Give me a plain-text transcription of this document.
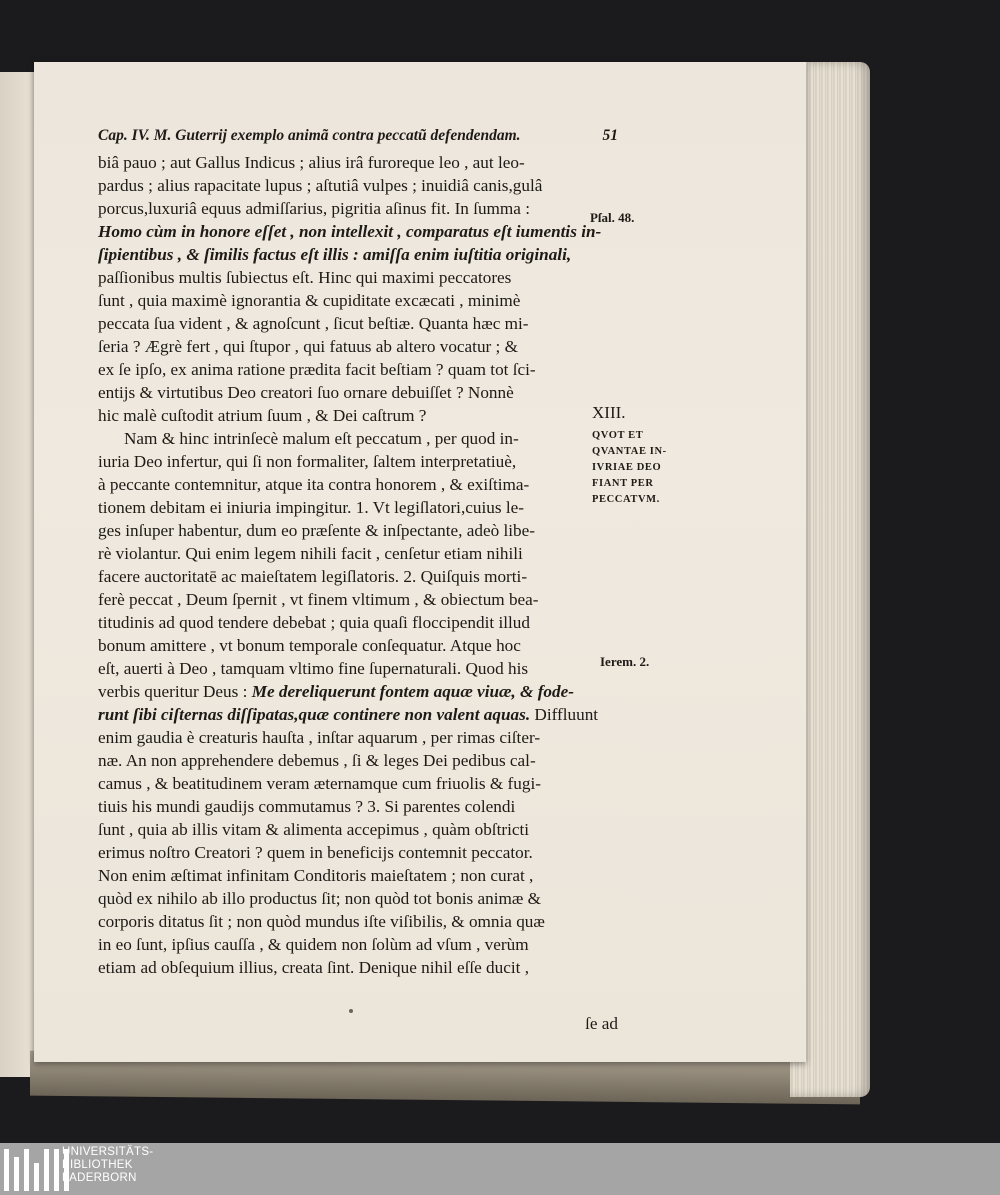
Cap. IV. M. Guterrij exemplo animã contra peccatũ defendendam.	51
biâ pauo ; aut Gallus Indicus ; alius irâ furoreque leo , aut leo-
pardus ; alius rapacitate lupus ; aſtutiâ vulpes ; inuidiâ canis,gulâ
porcus,luxuriâ equus admiſſarius, pigritia aſinus fit. In ſumma :
Homo cùm in honore eſſet , non intellexit , comparatus eſt iumentis in-
ſipientibus , & ſimilis factus eſt illis : amiſſa enim iuſtitia originali,
paſſionibus multis ſubiectus eſt. Hinc qui maximi peccatores
ſunt , quia maximè ignorantia & cupiditate excæcati , minimè
peccata ſua vident , & agnoſcunt , ſicut beſtiæ. Quanta hæc mi-
ſeria ? Ægrè fert , qui ſtupor , qui fatuus ab altero vocatur ; &
ex ſe ipſo, ex anima ratione prædita facit beſtiam ? quam tot ſci-
entijs & virtutibus Deo creatori ſuo ornare debuiſſet ? Nonnè
hic malè cuſtodit atrium ſuum , & Dei caſtrum ?
Nam & hinc intrinſecè malum eſt peccatum , per quod in-
iuria Deo infertur, qui ſi non formaliter, ſaltem interpretatiuè,
à peccante contemnitur, atque ita contra honorem , & exiſtima-
tionem debitam ei iniuria impingitur. 1. Vt legiſlatori,cuius le-
ges inſuper habentur, dum eo præſente & inſpectante, adeò libe-
rè violantur. Qui enim legem nihili facit , cenſetur etiam nihili
facere auctoritatē ac maieſtatem legiſlatoris. 2. Quiſquis morti-
ferè peccat , Deum ſpernit , vt finem vltimum , & obiectum bea-
titudinis ad quod tendere debebat ; quia quaſi floccipendit illud
bonum amittere , vt bonum temporale conſequatur. Atque hoc
eſt, auerti à Deo , tamquam vltimo fine ſupernaturali. Quod his
verbis queritur Deus : Me dereliquerunt fontem aquæ viuæ, & fode-
runt ſibi ciſternas diſſipatas,quæ continere non valent aquas. Diffluunt
enim gaudia è creaturis hauſta , inſtar aquarum , per rimas ciſter-
næ. An non apprehendere debemus , ſi & leges Dei pedibus cal-
camus , & beatitudinem veram æternamque cum friuolis & fugi-
tiuis his mundi gaudijs commutamus ? 3. Si parentes colendi
ſunt , quia ab illis vitam & alimenta accepimus , quàm obſtricti
erimus noſtro Creatori ? quem in beneficijs contemnit peccator.
Non enim æſtimat infinitam Conditoris maieſtatem ; non curat ,
quòd ex nihilo ab illo productus ſit; non quòd tot bonis animæ &
corporis ditatus ſit ; non quòd mundus iſte viſibilis, & omnia quæ
in eo ſunt, ipſius cauſſa , & quidem non ſolùm ad vſum , verùm
etiam ad obſequium illius, creata ſint. Denique nihil eſſe ducit ,
ſe ad
Pſal. 48.
XIII.
QVOT ET
QVANTAE IN-
IVRIAE DEO
FIANT PER
PECCATVM.
Ierem. 2.
UNIVERSITÄTS-
BIBLIOTHEK
PADERBORN
